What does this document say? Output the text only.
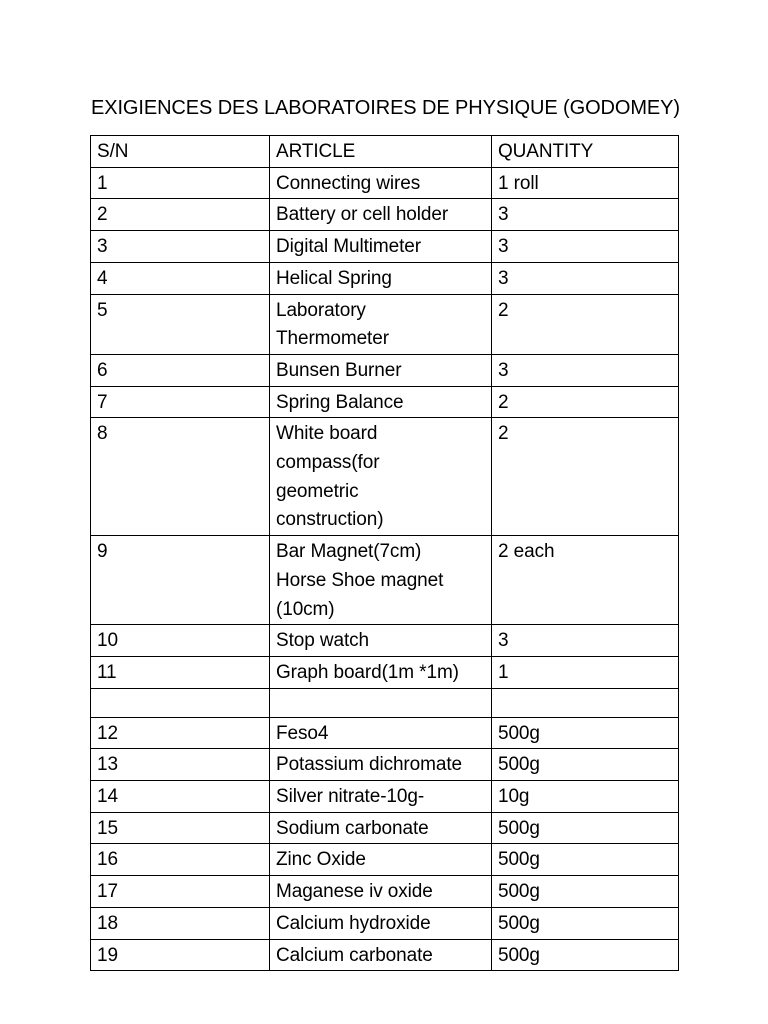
EXIGIENCES DES LABORATOIRES DE PHYSIQUE (GODOMEY)
S/N	ARTICLE	QUANTITY
1	Connecting wires	1 roll
2	Battery or cell holder	3
3	Digital Multimeter	3
4	Helical Spring	3
5	Laboratory
Thermometer	2
6	Bunsen Burner	3
7	Spring Balance	2
8	White board
compass(for
geometric
construction)	2
9	Bar Magnet(7cm)
Horse Shoe magnet
(10cm)	2 each
10	Stop watch	3
11	Graph board(1m *1m)	1

12	Feso4	500g
13	Potassium dichromate	500g
14	Silver nitrate-10g-	10g
15	Sodium carbonate	500g
16	Zinc Oxide	500g
17	Maganese iv oxide	500g
18	Calcium hydroxide	500g
19	Calcium carbonate	500g
